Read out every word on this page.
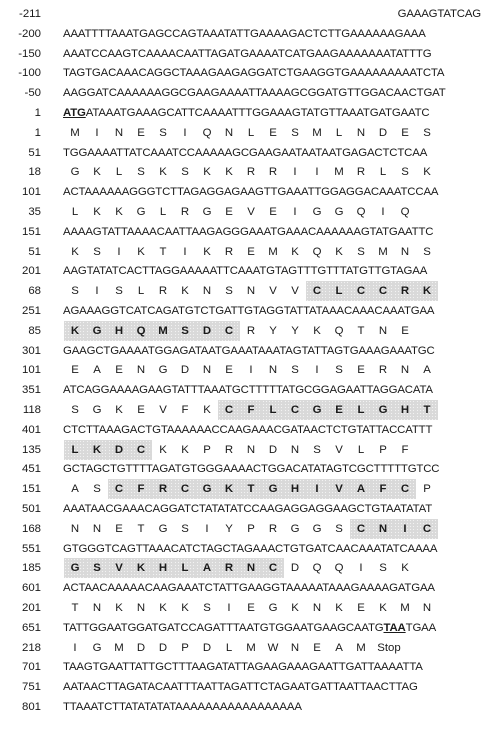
-211	GAAAGTATCAG
-200 AAATTTTAAATGAGCCAGTAAATATTGAAAAGACTCTTGAAAAAAGAAA
-150 AAATCCAAGTCAAAACAATTAGATGAAAATCATGAAGAAAAAAATATTTG
-100 TAGTGACAAACAGGCTAAAGAAGAGGATCTGAAGGTGAAAAAAAAATCTA
-50 AAGGATCAAAAAAGGCGAAGAAAATTAAAAGCGGATGTTGGACAACTGAT
1 ATGATAAATGAAAGCATTCAAAATTTGGAAAGTATGTTAAATGATGAATC
1	M I N E S I Q N L E S M L N D E S
51 TGGAAAATTATCAAATCCAAAAAGCGAAGAATAATAATGAGACTCTCAA
18	G K L S K S K K R R I I M R L S K
101 ACTAAAAAAGGGTCTTAGAGGAGAAGTTGAAATTGGAGGACAAATCCAA
35	L K K G L R G E V E I G G Q I Q
151 AAAAGTATTAAAACAATTAAGAGGGAAATGAAACAAAAAAGTATGAATTC
51	K S I K T I K R E M K Q K S M N S
201 AAGTATATCACTTAGGAAAAATTCAAATGTAGTTTGTTTATGTTGTAGAA
68	S I S L R K N S N V V C L C C R K
251 AGAAAGGTCATCAGATGTCTGATTGTAGGTATTATAAACAAACAAATGAA
85	K G H Q M S D C R Y Y K Q T N E
301 GAAGCTGAAAATGGAGATAATGAAATAAATAGTATTAGTGAAAGAAATGC
101	E A E N G D N E I N S I S E R N A
351 ATCAGGAAAAGAAGTATTTAAATGCTTTTTATGCGGAGAATTAGGACATA
118	S G K E V F K C F L C G E L G H T
401 CTCTTAAAGACTGTAAAAAACCAAGAAACGATAACTCTGTATTACCATTT
135	L K D C K K P R N D N S V L P F
451 GCTAGCTGTTTTAGATGTGGGAAAACTGGACATATAGTCGCTTTTTGTCC
151	A S C F R C G K T G H I V A F C P
501 AAATAACGAAACAGGATCTATATATCCAAGAGGAGGAAGCTGTAATATAT
168	N N E T G S I Y P R G G S C N I C
551 GTGGGTCAGTTAAACATCTAGCTAGAAACTGTGATCAACAAATATCAAAA
185	G S V K H L A R N C D Q Q I S K
601 ACTAACAAAAACAAGAAATCTATTGAAGGTAAAAATAAAGAAAAGATGAA
201	T N K N K K S I E G K N K E K M N
651 TATTGGAATGGATGATCCAGATTTAATGTGGAATGAAGCAATGTAATGAA
218	I G M D D P D L M W N E A M Stop
701 TAAGTGAATTATTGCTTTAAGATATTAGAAGAAAGAATTGATTAAAATTA
751 AATAACTTAGATACAATTTAATTAGATTCTAGAATGATTAATTAACTTAG
801 TTAAATCTTATATATATAAAAAAAAAAAAAAAAA
